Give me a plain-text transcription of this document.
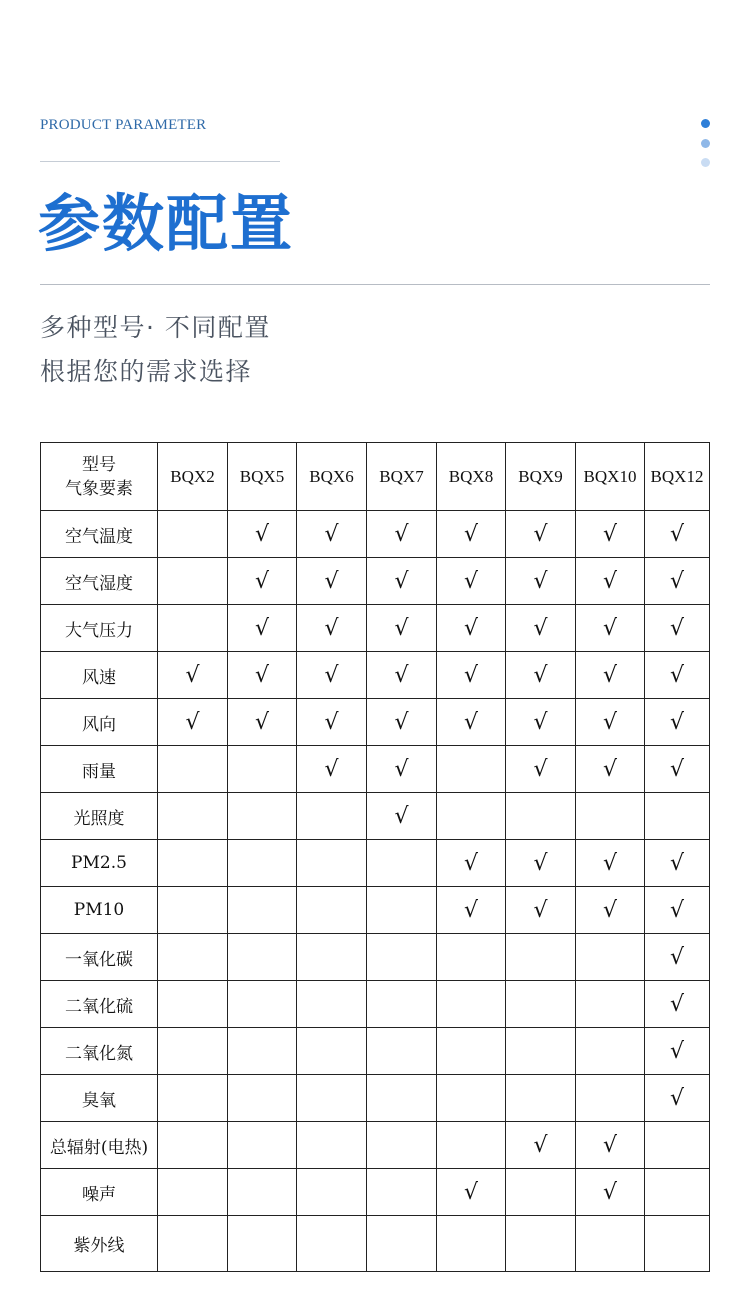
PRODUCT PARAMETER
参数配置
多种型号· 不同配置
根据您的需求选择
型号
气象要素	BQX2	BQX5	BQX6	BQX7	BQX8	BQX9	BQX10	BQX12
空气温度		√	√	√	√	√	√	√
空气湿度		√	√	√	√	√	√	√
大气压力		√	√	√	√	√	√	√
风速	√	√	√	√	√	√	√	√
风向	√	√	√	√	√	√	√	√
雨量			√	√		√	√	√
光照度				√				
PM2.5					√	√	√	√
PM10					√	√	√	√
一氧化碳								√
二氧化硫								√
二氧化氮								√
臭氧								√
总辐射(电热)						√	√	
噪声					√		√	
紫外线								
